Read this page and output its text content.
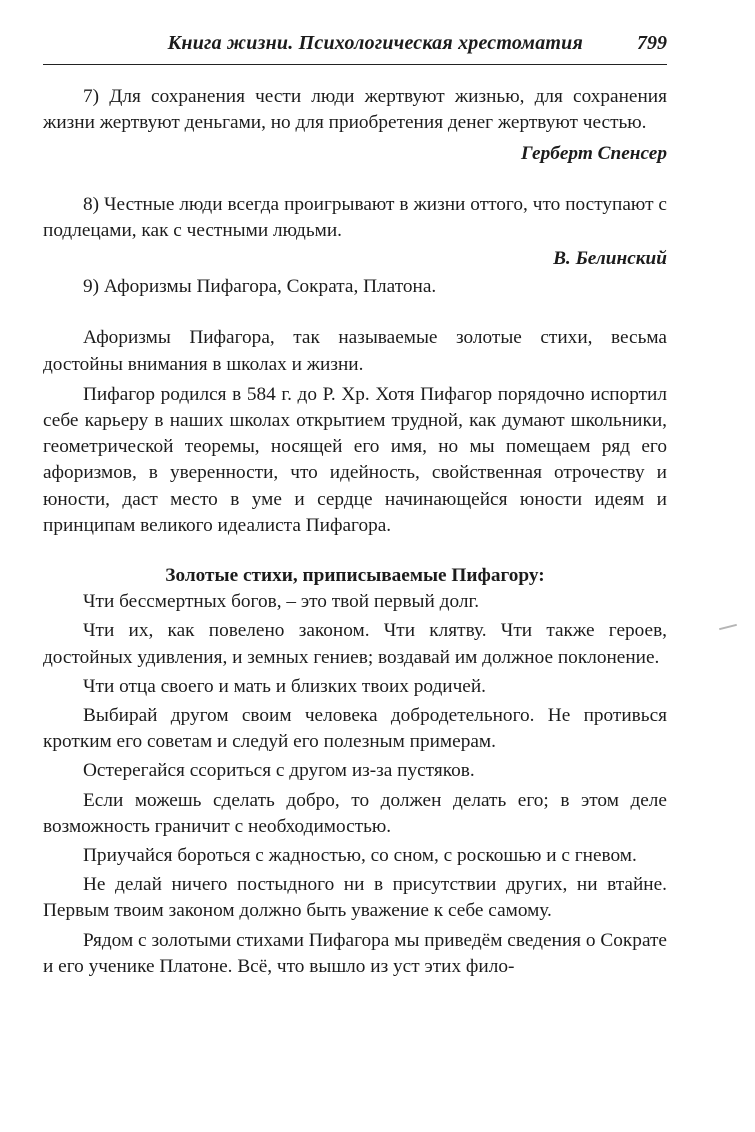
Книга жизни. Психологическая хрестоматия	799

7) Для сохранения чести люди жертвуют жизнью, для сохранения жизни жертвуют деньгами, но для приобретения денег жертвуют честью.

Герберт Спенсер

8) Честные люди всегда проигрывают в жизни оттого, что поступают с подлецами, как с честными людьми.

В. Белинский

9) Афоризмы Пифагора, Сократа, Платона.

Афоризмы Пифагора, так называемые золотые стихи, весьма достойны внимания в школах и жизни.

Пифагор родился в 584 г. до Р. Хр. Хотя Пифагор порядочно испортил себе карьеру в наших школах открытием трудной, как думают школьники, геометрической теоремы, носящей его имя, но мы помещаем ряд его афоризмов, в уверенности, что идейность, свойственная отрочеству и юности, даст место в уме и сердце начинающейся юности идеям и принципам великого идеалиста Пифагора.

Золотые стихи, приписываемые Пифагору:

Чти бессмертных богов, – это твой первый долг.

Чти их, как повелено законом. Чти клятву. Чти также героев, достойных удивления, и земных гениев; воздавай им должное поклонение.

Чти отца своего и мать и близких твоих родичей.

Выбирай другом своим человека добродетельного. Не противься кротким его советам и следуй его полезным примерам.

Остерегайся ссориться с другом из-за пустяков.

Если можешь сделать добро, то должен делать его; в этом деле возможность граничит с необходимостью.

Приучайся бороться с жадностью, со сном, с роскошью и с гневом.

Не делай ничего постыдного ни в присутствии других, ни втайне. Первым твоим законом должно быть уважение к себе самому.

Рядом с золотыми стихами Пифагора мы приведём сведения о Сократе и его ученике Платоне. Всё, что вышло из уст этих фило-
